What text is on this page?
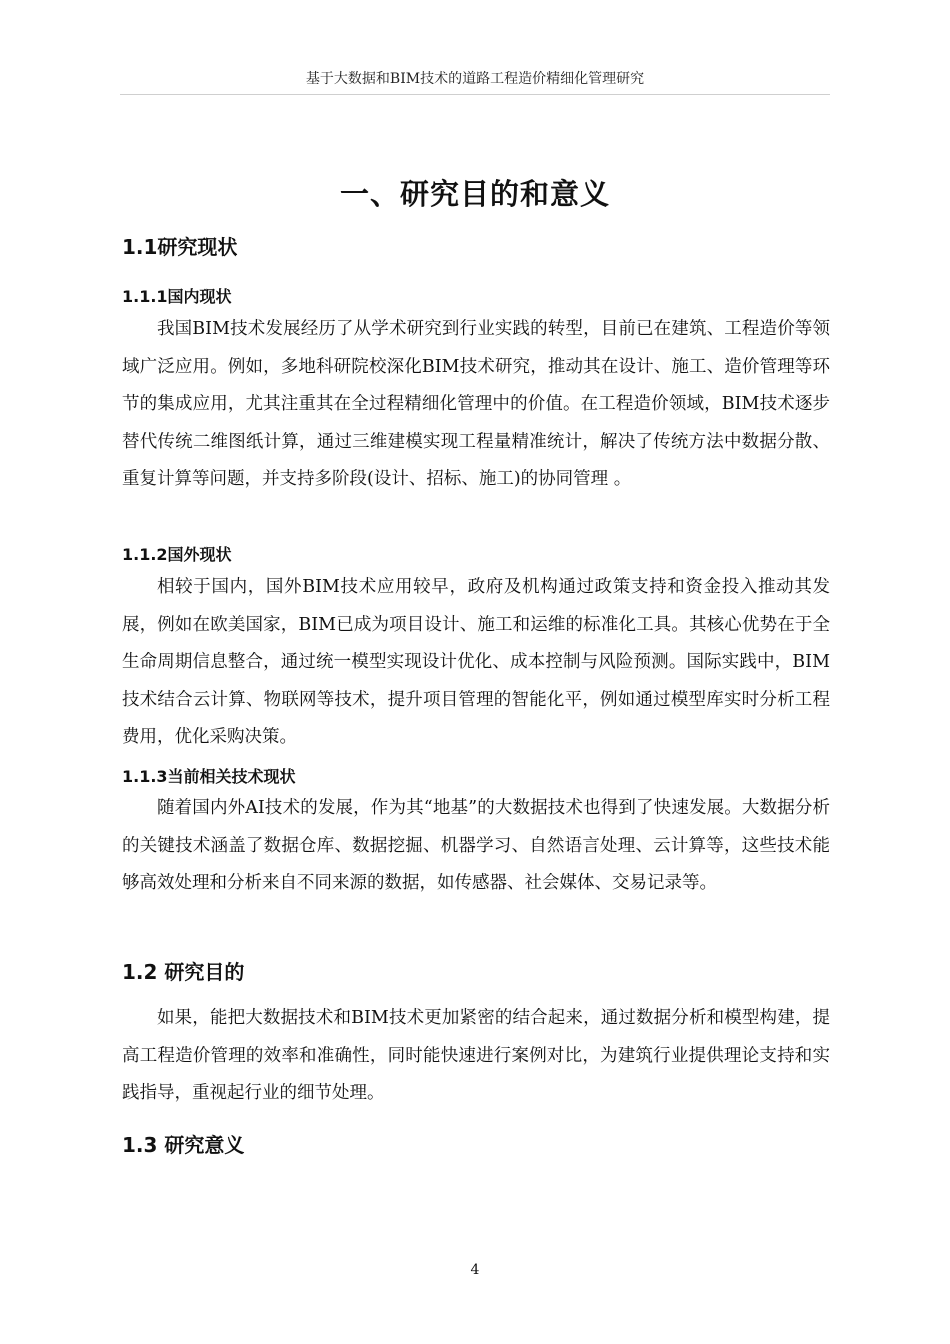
基于大数据和BIM技术的道路工程造价精细化管理研究
一、研究目的和意义
1.1研究现状
1.1.1国内现状

我国BIM技术发展经历了从学术研究到行业实践的转型，目前已在建筑、工程造价等领域广泛应用。例如，多地科研院校深化BIM技术研究，推动其在设计、施工、造价管理等环节的集成应用，尤其注重其在全过程精细化管理中的价值。在工程造价领域，BIM技术逐步替代传统二维图纸计算，通过三维建模实现工程量精准统计，解决了传统方法中数据分散、重复计算等问题，并支持多阶段(设计、招标、施工)的协同管理 。

1.1.2国外现状

相较于国内，国外BIM技术应用较早，政府及机构通过政策支持和资金投入推动其发展，例如在欧美国家，BIM已成为项目设计、施工和运维的标准化工具。其核心优势在于全生命周期信息整合，通过统一模型实现设计优化、成本控制与风险预测。国际实践中，BIM技术结合云计算、物联网等技术，提升项目管理的智能化平，例如通过模型库实时分析工程费用，优化采购决策。

1.1.3当前相关技术现状

随着国内外AI技术的发展，作为其“地基”的大数据技术也得到了快速发展。大数据分析的关键技术涵盖了数据仓库、数据挖掘、机器学习、自然语言处理、云计算等，这些技术能够高效处理和分析来自不同来源的数据，如传感器、社会媒体、交易记录等。

1.2 研究目的

如果，能把大数据技术和BIM技术更加紧密的结合起来，通过数据分析和模型构建，提高工程造价管理的效率和准确性，同时能快速进行案例对比，为建筑行业提供理论支持和实践指导，重视起行业的细节处理。

1.3 研究意义
4
